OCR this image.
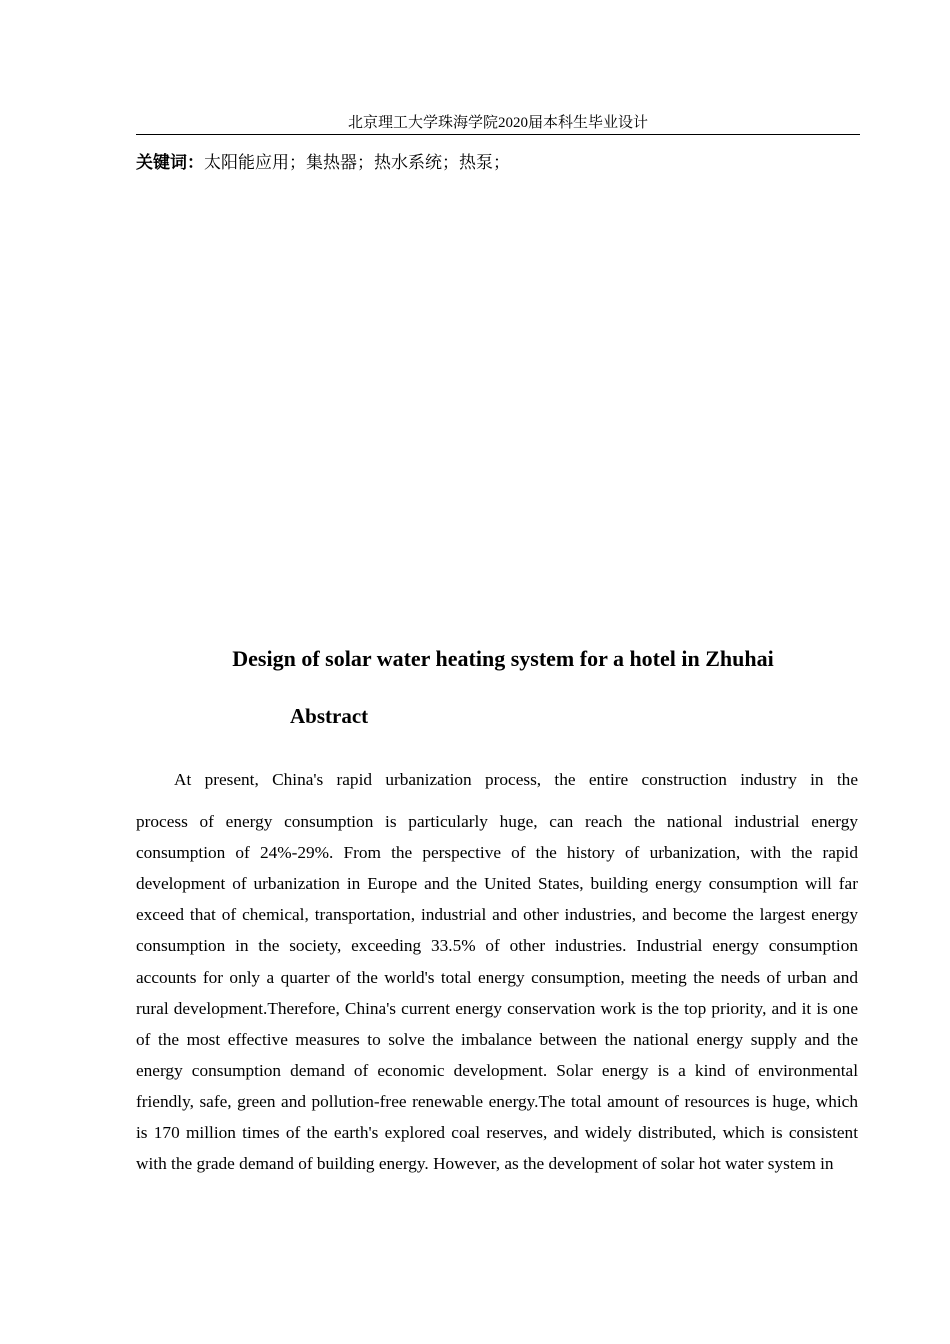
北京理工大学珠海学院2020届本科生毕业设计
关键词：太阳能应用；集热器；热水系统；热泵；
Design of solar water heating system for a hotel in Zhuhai
Abstract
At present, China's rapid urbanization process, the entire construction industry in the
process of energy consumption is particularly huge, can reach the national industrial energy consumption of 24%-29%. From the perspective of the history of urbanization, with the rapid development of urbanization in Europe and the United States, building energy consumption will far exceed that of chemical, transportation, industrial and other industries, and become the largest energy consumption in the society, exceeding 33.5% of other industries. Industrial energy consumption accounts for only a quarter of the world's total energy consumption, meeting the needs of urban and rural development.Therefore, China's current energy conservation work is the top priority, and it is one of the most effective measures to solve the imbalance between the national energy supply and the energy consumption demand of economic development. Solar energy is a kind of environmental friendly, safe, green and pollution-free renewable energy.The total amount of resources is huge, which is 170 million times of the earth's explored coal reserves, and widely distributed, which is consistent with the grade demand of building energy. However, as the development of solar hot water system in
